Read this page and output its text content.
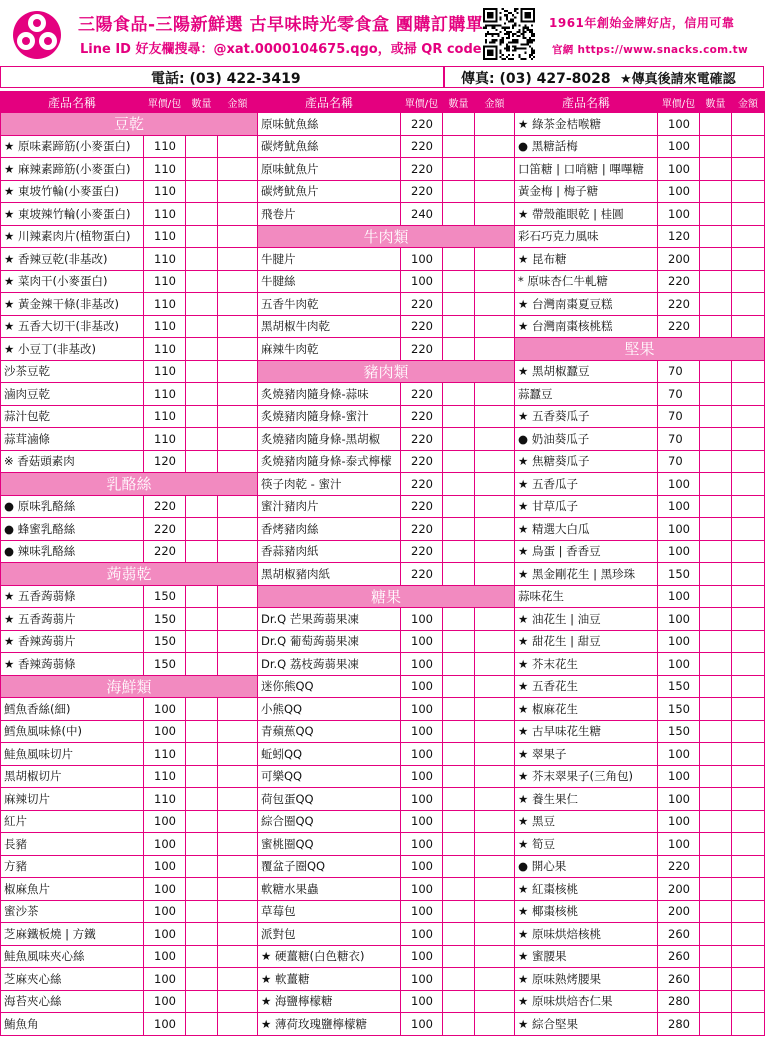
三陽食品-三陽新鮮選 古早味時光零食盒 團購訂購單
Line ID 好友欄搜尋：@xat.0000104675.qgo，或掃 QR code
1961年創始金牌好店，信用可靠
官網 https://www.snacks.com.tw
電話: (03) 422-3419	傳真: (03) 427-8028 ★傳真後請來電確認
產品名稱	單價/包	數量	金額	產品名稱	單價/包	數量	金額	產品名稱	單價/包	數量	金額
豆乾				原味魷魚絲	220			★ 綠茶金桔喉糖	100		
★ 原味素蹄筋(小麥蛋白)	110			碳烤魷魚絲	220			● 黑糖話梅	100		
★ 麻辣素蹄筋(小麥蛋白)	110			原味魷魚片	220			口笛糖 | 口哨糖 | 嗶嗶糖	100		
★ 東坡竹輪(小麥蛋白)	110			碳烤魷魚片	220			黃金梅 | 梅子糖	100		
★ 東坡辣竹輪(小麥蛋白)	110			飛卷片	240			★ 帶殼龍眼乾 | 桂圓	100		
★ 川辣素肉片(植物蛋白)	110			牛肉類				彩石巧克力風味	120		
★ 香辣豆乾(非基改)	110			牛腱片	100			★ 昆布糖	200		
★ 菜肉干(小麥蛋白)	110			牛腱絲	100			* 原味杏仁牛軋糖	220		
★ 黃金辣干條(非基改)	110			五香牛肉乾	220			★ 台灣南棗夏豆糕	220		
★ 五香大切干(非基改)	110			黑胡椒牛肉乾	220			★ 台灣南棗核桃糕	220		
★ 小豆丁(非基改)	110			麻辣牛肉乾	220			堅果			
沙茶豆乾	110			豬肉類				★ 黑胡椒蠶豆	70		
滷肉豆乾	110			炙燒豬肉隨身條-蒜味	220			蒜蠶豆	70		
蒜汁包乾	110			炙燒豬肉隨身條-蜜汁	220			★ 五香葵瓜子	70		
蒜茸滷條	110			炙燒豬肉隨身條-黑胡椒	220			● 奶油葵瓜子	70		
※ 香菇頭素肉	120			炙燒豬肉隨身條-泰式檸檬	220			★ 焦糖葵瓜子	70		
乳酪絲				筷子肉乾 - 蜜汁	220			★ 五香瓜子	100		
● 原味乳酪絲	220			蜜汁豬肉片	220			★ 甘草瓜子	100		
● 蜂蜜乳酪絲	220			香烤豬肉絲	220			★ 精選大白瓜	100		
● 辣味乳酪絲	220			香蒜豬肉紙	220			★ 鳥蛋 | 香香豆	100		
蒟蒻乾				黑胡椒豬肉紙	220			★ 黑金剛花生 | 黑珍珠	150		
★ 五香蒟蒻條	150			糖果				蒜味花生	100		
★ 五香蒟蒻片	150			Dr.Q 芒果蒟蒻果凍	100			★ 油花生 | 油豆	100		
★ 香辣蒟蒻片	150			Dr.Q 葡萄蒟蒻果凍	100			★ 甜花生 | 甜豆	100		
★ 香辣蒟蒻條	150			Dr.Q 荔枝蒟蒻果凍	100			★ 芥末花生	100		
海鮮類				迷你熊QQ	100			★ 五香花生	150		
鱈魚香絲(細)	100			小熊QQ	100			★ 椒麻花生	150		
鱈魚風味條(中)	100			青蘋蕉QQ	100			★ 古早味花生糖	150		
鮭魚風味切片	110			蚯蚓QQ	100			★ 翠果子	100		
黑胡椒切片	110			可樂QQ	100			★ 芥末翠果子(三角包)	100		
麻辣切片	110			荷包蛋QQ	100			★ 養生果仁	100		
紅片	100			綜合圈QQ	100			★ 黑豆	100		
長豬	100			蜜桃圈QQ	100			★ 筍豆	100		
方豬	100			覆盆子圈QQ	100			● 開心果	220		
椒麻魚片	100			軟糖水果蟲	100			★ 紅棗核桃	200		
蜜沙茶	100			草莓包	100			★ 椰棗核桃	200		
芝麻鐵板燒 | 方鐵	100			派對包	100			★ 原味烘焙核桃	260		
鮭魚風味夾心絲	100			★ 硬薑糖(白色糖衣)	100			★ 蜜腰果	260		
芝麻夾心絲	100			★ 軟薑糖	100			★ 原味熟烤腰果	260		
海苔夾心絲	100			★ 海鹽檸檬糖	100			★ 原味烘焙杏仁果	280		
鮪魚角	100			★ 薄荷玫瑰鹽檸檬糖	100			★ 綜合堅果	280		
